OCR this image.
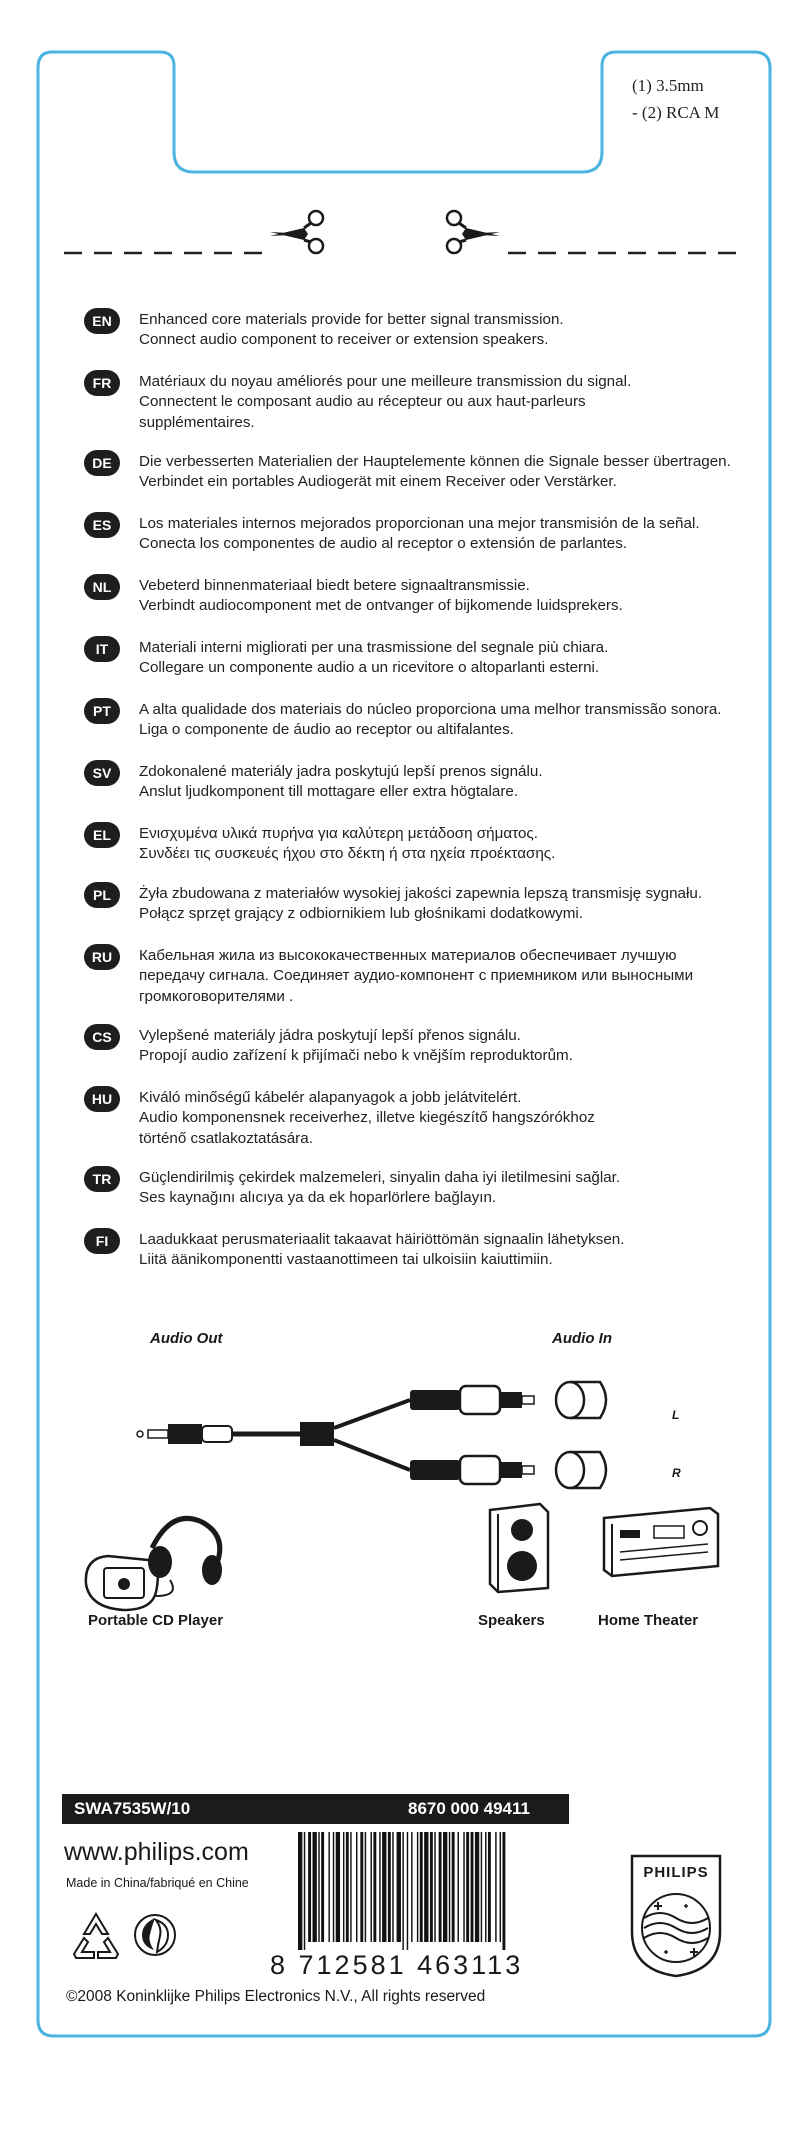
(1) 3.5mm
- (2) RCA M
EN	Enhanced core materials provide for better signal transmission.
Connect audio component to receiver or extension speakers.
FR	Matériaux du noyau améliorés pour une meilleure transmission du signal.
Connectent le composant audio au récepteur ou aux haut-parleurs
supplémentaires.
DE	Die verbesserten Materialien der Hauptelemente können die Signale besser übertragen.
Verbindet ein portables Audiogerät mit einem Receiver oder Verstärker.
ES	Los materiales internos mejorados proporcionan una mejor transmisión de la señal.
Conecta los componentes de audio al receptor o extensión de parlantes.
NL	Vebeterd binnenmateriaal biedt betere signaaltransmissie.
Verbindt audiocomponent met de ontvanger of bijkomende luidsprekers.
IT	Materiali interni migliorati per una trasmissione del segnale più chiara.
Collegare un componente audio a un ricevitore o altoparlanti esterni.
PT	A alta qualidade dos materiais do núcleo proporciona uma melhor transmissão sonora.
Liga o componente de áudio ao receptor ou altifalantes.
SV	Zdokonalené materiály jadra poskytujú lepší prenos signálu.
Anslut ljudkomponent till mottagare eller extra högtalare.
EL	Ενισχυμένα υλικά πυρήνα για καλύτερη μετάδοση σήματος.
Συνδέει τις συσκευές ήχου στο δέκτη ή στα ηχεία προέκτασης.
PL	Żyła zbudowana z materiałów wysokiej jakości zapewnia lepszą transmisję sygnału.
Połącz sprzęt grający z odbiornikiem lub głośnikami dodatkowymi.
RU	Кабельная жила из высококачественных материалов обеспечивает лучшую
передачу сигнала. Соединяет аудио-компонент с приемником или выносными
громкоговорителями .
CS	Vylepšené materiály jádra poskytují lepší přenos signálu.
Propojí audio zařízení k přijímači nebo k vnějším reproduktorům.
HU	Kiváló minőségű kábelér alapanyagok a jobb jelátvitelért.
Audio komponensnek receiverhez, illetve kiegészítő hangszórókhoz
történő csatlakoztatására.
TR	Güçlendirilmiş çekirdek malzemeleri, sinyalin daha iyi iletilmesini sağlar.
Ses kaynağını alıcıya ya da ek hoparlörlere bağlayın.
FI	Laadukkaat perusmateriaalit takaavat häiriöttömän signaalin lähetyksen.
Liitä äänikomponentti vastaanottimeen tai ulkoisiin kaiuttimiin.
Audio Out	Audio In
L
R
Portable CD Player	Speakers	Home Theater
SWA7535W/10	8670 000 49411
www.philips.com
Made in China/fabriqué en Chine
8 712581 463113
©2008 Koninklijke Philips Electronics N.V., All rights reserved
PHILIPS
